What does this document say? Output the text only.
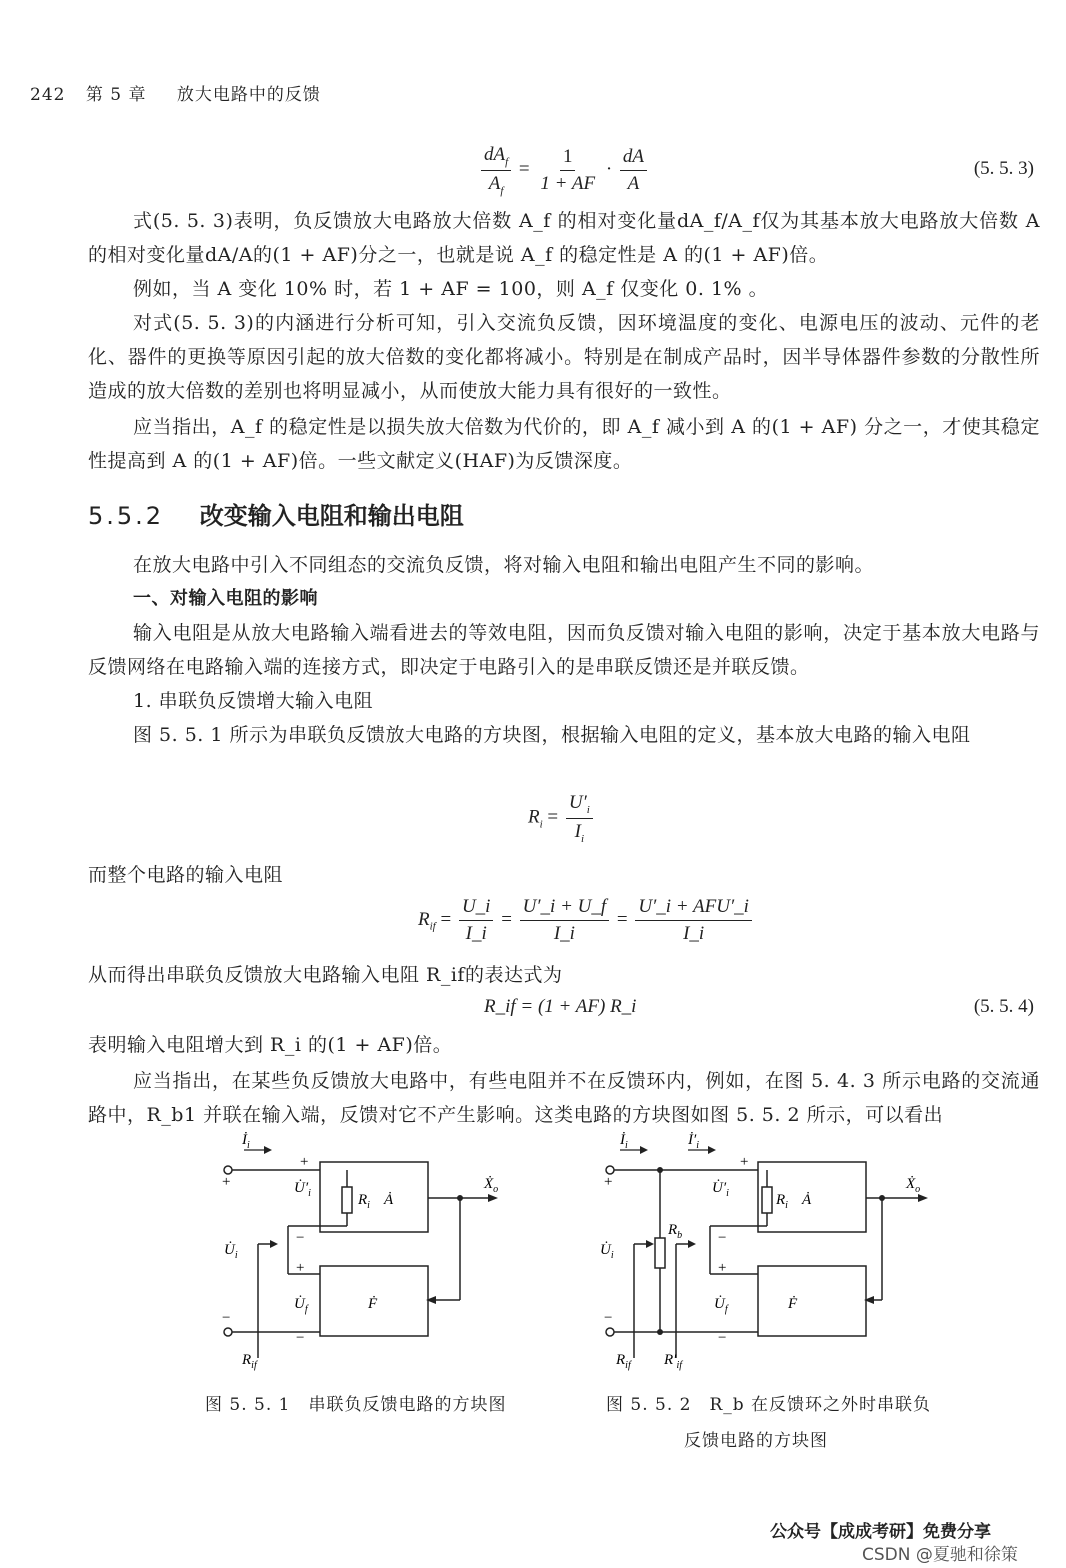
242 第 5 章 放大电路中的反馈
$\frac{dA_f}{A_f} = \frac{1}{1 + AF} \cdot \frac{dA}{A}$	(5. 5. 3)
式(5. 5. 3)表明，负反馈放大电路放大倍数 A_f 的相对变化量dA_f/A_f仅为其基本放大电路放大倍数 A 的相对变化量dA/A的(1 + AF)分之一，也就是说 A_f 的稳定性是 A 的(1 + AF)倍。
例如，当 A 变化 10% 时，若 1 + AF = 100，则 A_f 仅变化 0. 1% 。
对式(5. 5. 3)的内涵进行分析可知，引入交流负反馈，因环境温度的变化、电源电压的波动、元件的老化、器件的更换等原因引起的放大倍数的变化都将减小。特别是在制成产品时，因半导体器件参数的分散性所造成的放大倍数的差别也将明显减小，从而使放大能力具有很好的一致性。
应当指出，A_f 的稳定性是以损失放大倍数为代价的，即 A_f 减小到 A 的(1 + AF) 分之一，才使其稳定性提高到 A 的(1 + AF)倍。一些文献定义(HAF)为反馈深度。
5.5.2 改变输入电阻和输出电阻
在放大电路中引入不同组态的交流负反馈，将对输入电阻和输出电阻产生不同的影响。
一、对输入电阻的影响
输入电阻是从放大电路输入端看进去的等效电阻，因而负反馈对输入电阻的影响，决定于基本放大电路与反馈网络在电路输入端的连接方式，即决定于电路引入的是串联反馈还是并联反馈。
1. 串联负反馈增大输入电阻
图 5. 5. 1 所示为串联负反馈放大电路的方块图，根据输入电阻的定义，基本放大电路的输入电阻
$R_i = \frac{U'_i}{I_i}$
而整个电路的输入电阻
$R_{if} = \frac{U\_i}{I\_i} = \frac{U'\_i + U\_f}{I\_i} = \frac{\text{U′\_i + AFU′\_i}}{I\_i}$
从而得出串联负反馈放大电路输入电阻 R_if的表达式为
R_if = (1 + AF) R_i	(5. 5. 4)
表明输入电阻增大到 R_i 的(1 + AF)倍。
应当指出，在某些负反馈放大电路中，有些电阻并不在反馈环内，例如，在图 5. 4. 3 所示电路的交流通路中，R_b1 并联在输入端，反馈对它不产生影响。这类电路的方块图如图 5. 5. 2 所示，可以看出
$İ_i$
+
+
$U̇'_i$	$R_i$ Ȧ
Ẋ$_o$
−
$U̇_i$
+
$U̇_f$	Ḟ
−
−
$R_{if}$
图 5. 5. 1　串联负反馈电路的方块图
$İ_i$	$İ'_i$
+
+
$U̇'_i$	$R_i$ Ȧ
Ẋ$_o$
$R_b$ −
$U̇_i$
+
$U̇_f$	Ḟ
−
−
$R_{if}$ $R'_{if}$
图 5. 5. 2　R_b 在反馈环之外时串联负
反馈电路的方块图
公众号【成成考研】免费分享
CSDN @夏驰和徐策
